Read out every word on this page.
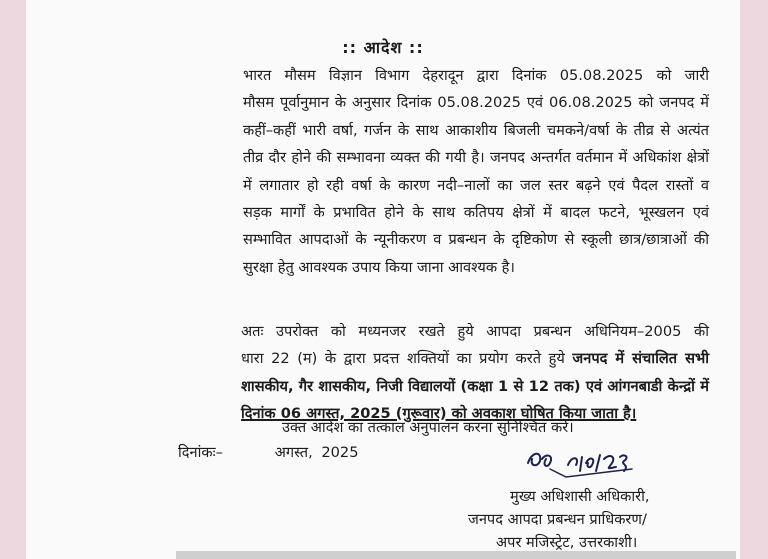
:: आदेश ::
भारत मौसम विज्ञान विभाग देहरादून द्वारा दिनांक 05.08.2025 को जारी
मौसम पूर्वानुमान के अनुसार दिनांक 05.08.2025 एवं 06.08.2025 को जनपद में
कहीं–कहीं भारी वर्षा, गर्जन के साथ आकाशीय बिजली चमकने/वर्षा के तीव्र से अत्यंत
तीव्र दौर होने की सम्भावना व्यक्त की गयी है। जनपद अन्तर्गत वर्तमान में अधिकांश क्षेत्रों
में लगातार हो रही वर्षा के कारण नदी–नालों का जल स्तर बढ़ने एवं पैदल रास्तों व
सड़क मार्गों के प्रभावित होने के साथ कतिपय क्षेत्रों में बादल फटने, भूस्खलन एवं
सम्भावित आपदाओं के न्यूनीकरण व प्रबन्धन के दृष्टिकोण से स्कूली छात्र/छात्राओं की
सुरक्षा हेतु आवश्यक उपाय किया जाना आवश्यक है।
अतः उपरोक्त को मध्यनजर रखते हुये आपदा प्रबन्धन अधिनियम–2005 की
धारा 22 (म) के द्वारा प्रदत्त शक्तियों का प्रयोग करते हुये जनपद में संचालित सभी
शासकीय, गैर शासकीय, निजी विद्यालयों (कक्षा 1 से 12 तक) एवं आंगनबाडी केन्द्रों में
दिनांक 06 अगस्त, 2025 (गुरूवार) को अवकाश घोषित किया जाता है।
उक्त आदेश का तत्काल अनुपालन करना सुनिश्चित करें।
दिनांकः–	अगस्त, 2025
मुख्य अधिशासी अधिकारी,
जनपद आपदा प्रबन्धन प्राधिकरण/
अपर मजिस्ट्रेट, उत्तरकाशी।
